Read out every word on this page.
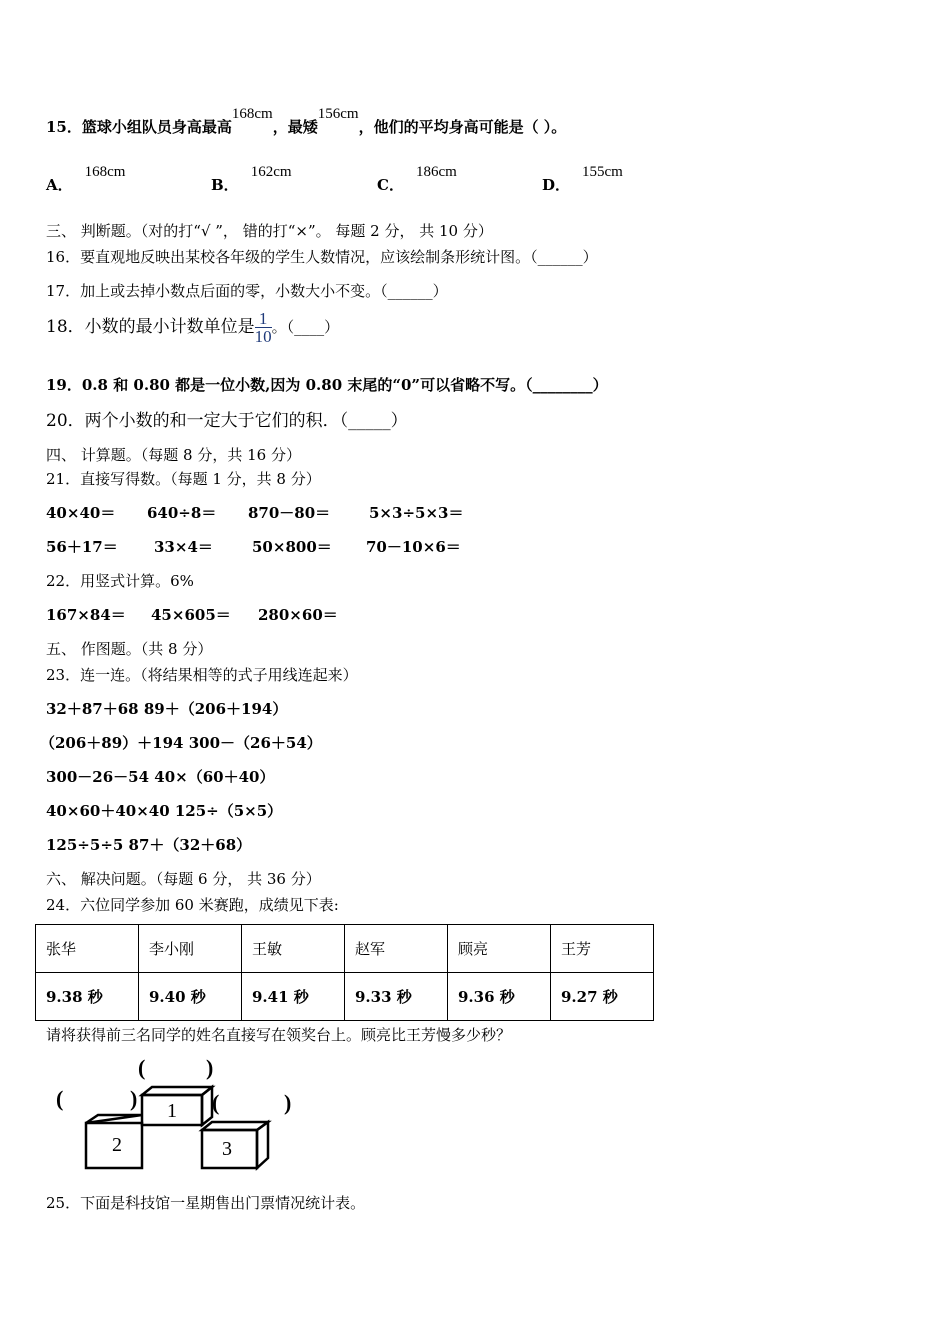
15．篮球小组队员身高最高168cm，最矮156cm，他们的平均身高可能是（ ）。
A．168cm
B．162cm
C．186cm
D．155cm
三、 判断题。（对的打“√ ”， 错的打“×”。 每题 2 分， 共 10 分）
16．要直观地反映出某校各年级的学生人数情况，应该绘制条形统计图。（______）
17．加上或去掉小数点后面的零，小数大小不变。（______）
18．小数的最小计数单位是 $\frac{1}{10}$ 。（____）
19．0.8 和 0.80 都是一位小数,因为 0.80 末尾的“0”可以省略不写。（________）
20．两个小数的和一定大于它们的积．（_____）
四、 计算题。（每题 8 分，共 16 分）
21．直接写得数。（每题 1 分，共 8 分）
40×40＝ 640÷8＝ 870－80＝	5×3÷5×3＝
56＋17＝ 33×4＝	50×800＝ 70－10×6＝
22．用竖式计算。6%
167×84＝ 45×605＝ 280×60＝
五、 作图题。（共 8 分）
23．连一连。（将结果相等的式子用线连起来）
32＋87＋68 89＋（206＋194）
（206＋89）＋194 300－（26＋54）
300－26－54 40×（60＋40）
40×60＋40×40 125÷（5×5）
125÷5÷5 87＋（32＋68）
六、 解决问题。（每题 6 分， 共 36 分）
24．六位同学参加 60 米赛跑，成绩见下表:
张华	李小刚	王敏	赵军	顾亮	王芳
9.38 秒	9.40 秒	9.41 秒	9.33 秒	9.36 秒	9.27 秒
请将获得前三名同学的姓名直接写在领奖台上。顾亮比王芳慢多少秒？
1
2	3
(	)
(	)	(	)
25．下面是科技馆一星期售出门票情况统计表。
